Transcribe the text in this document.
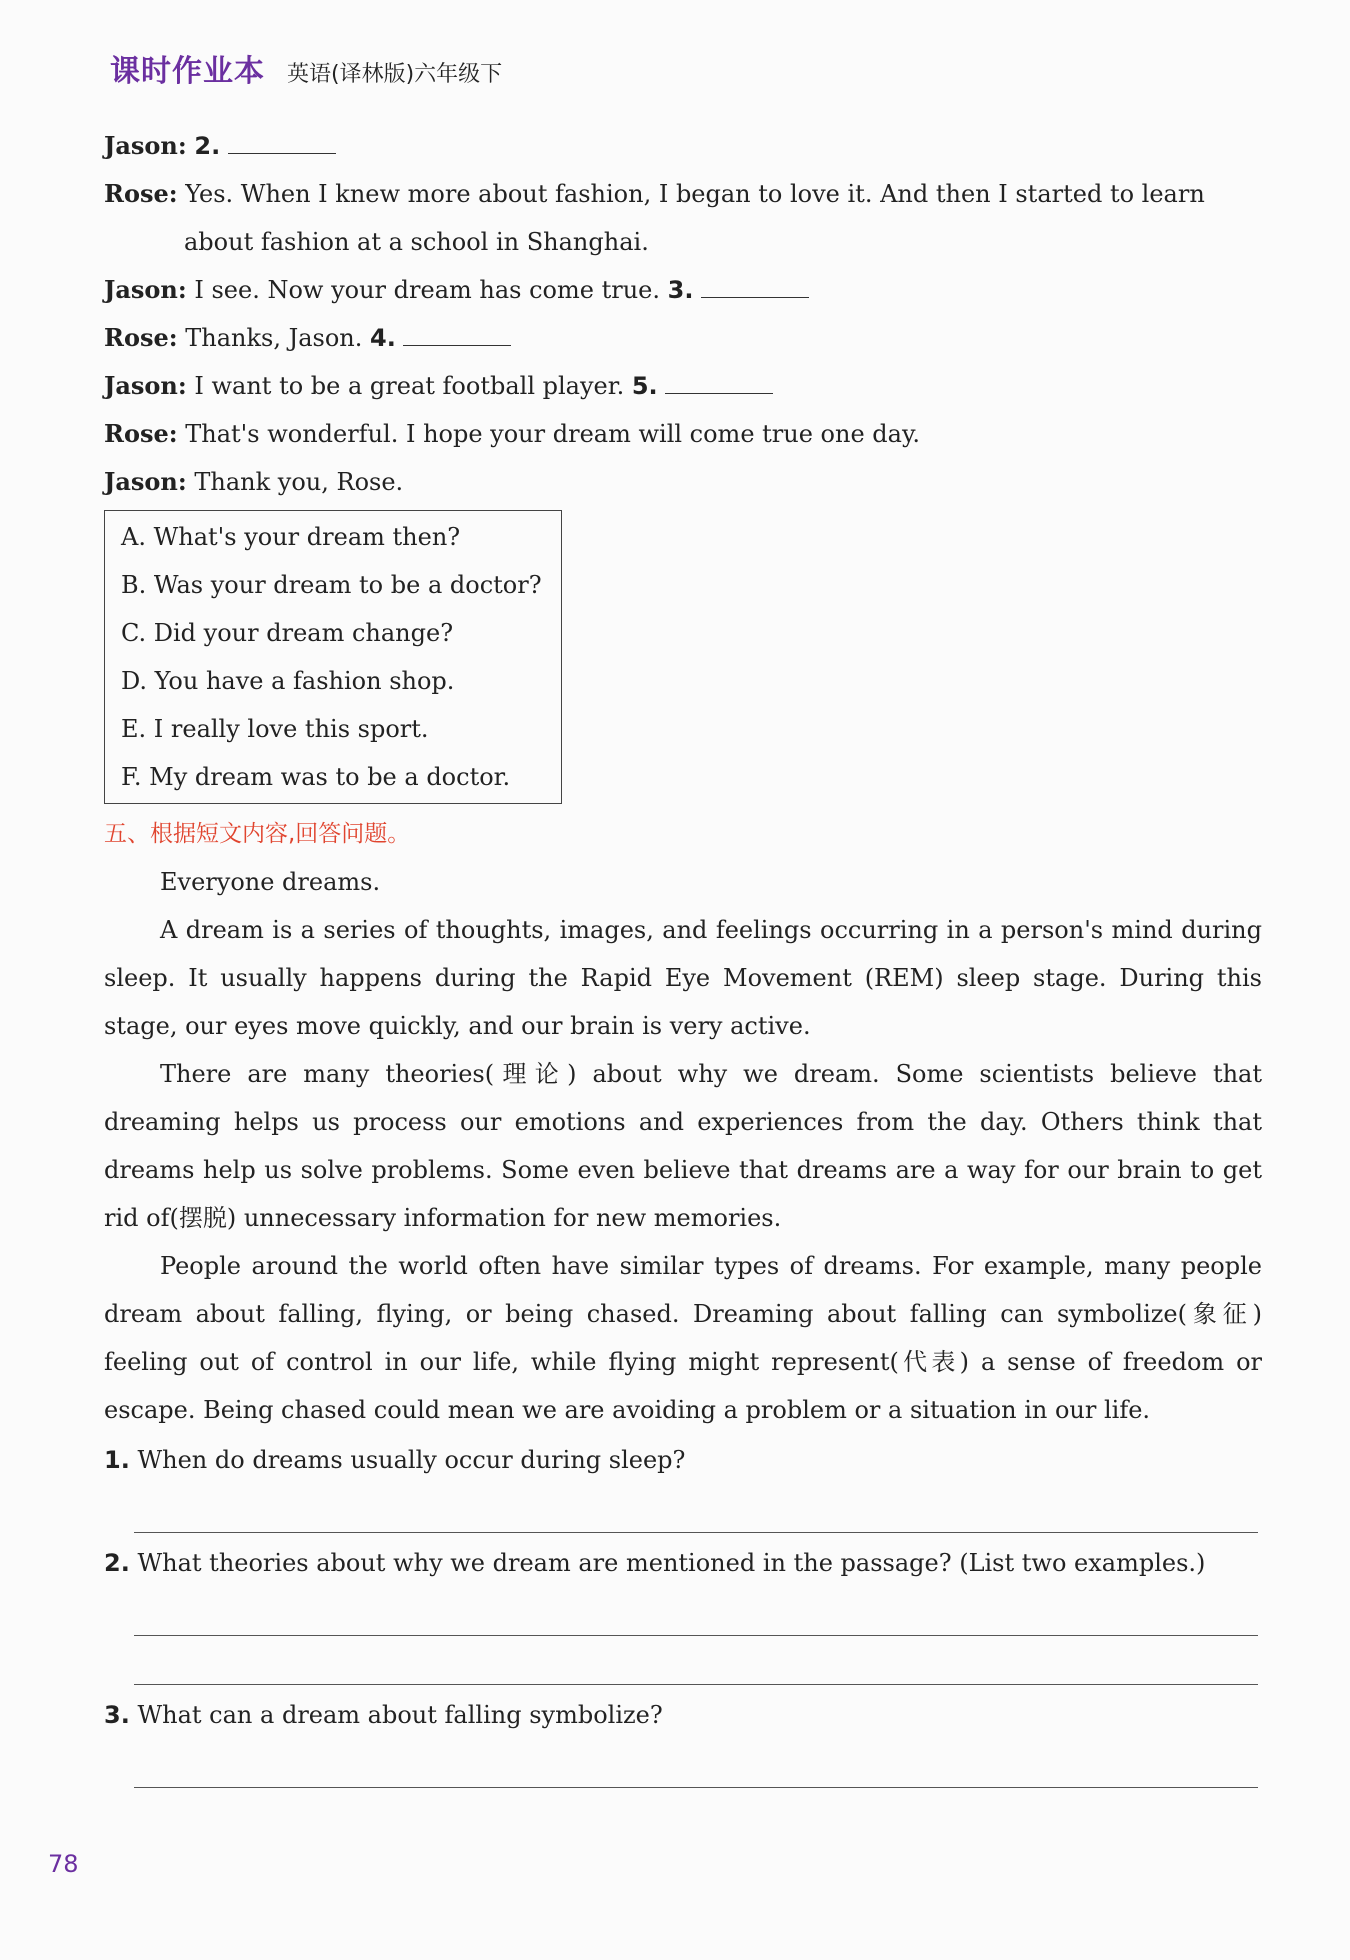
课时作业本 英语(译林版)六年级下

Jason: 2.

Rose: Yes. When I knew more about fashion, I began to love it. And then I started to learn

about fashion at a school in Shanghai.

Jason: I see. Now your dream has come true. 3.

Rose: Thanks, Jason. 4.

Jason: I want to be a great football player. 5.

Rose: That's wonderful. I hope your dream will come true one day.

Jason: Thank you, Rose.

A. What's your dream then?
B. Was your dream to be a doctor?
C. Did your dream change?
D. You have a fashion shop.
E. I really love this sport.
F. My dream was to be a doctor.

五、根据短文内容,回答问题。

Everyone dreams.

A dream is a series of thoughts, images, and feelings occurring in a person's mind during sleep. It usually happens during the Rapid Eye Movement (REM) sleep stage. During this stage, our eyes move quickly, and our brain is very active.

There are many theories(理论) about why we dream. Some scientists believe that dreaming helps us process our emotions and experiences from the day. Others think that dreams help us solve problems. Some even believe that dreams are a way for our brain to get rid of(摆脱) unnecessary information for new memories.

People around the world often have similar types of dreams. For example, many people dream about falling, flying, or being chased. Dreaming about falling can symbolize(象征) feeling out of control in our life, while flying might represent(代表) a sense of freedom or escape. Being chased could mean we are avoiding a problem or a situation in our life.

1. When do dreams usually occur during sleep?

2. What theories about why we dream are mentioned in the passage? (List two examples.)

3. What can a dream about falling symbolize?

78
